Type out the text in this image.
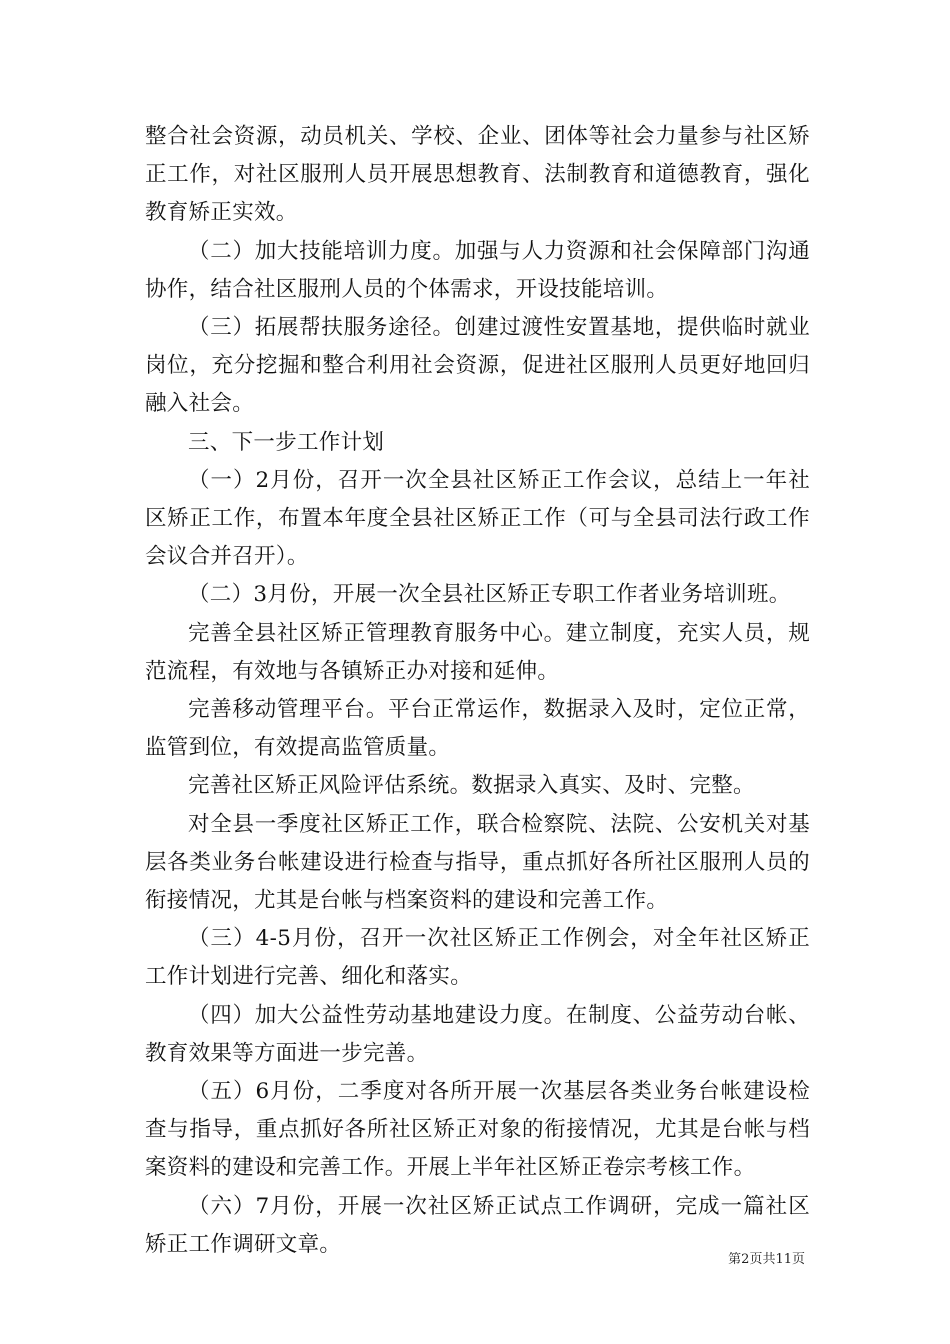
整合社会资源，动员机关、学校、企业、团体等社会力量参与社区矫正工作，对社区服刑人员开展思想教育、法制教育和道德教育，强化教育矫正实效。

（二）加大技能培训力度。加强与人力资源和社会保障部门沟通协作，结合社区服刑人员的个体需求，开设技能培训。

（三）拓展帮扶服务途径。创建过渡性安置基地，提供临时就业岗位，充分挖掘和整合利用社会资源，促进社区服刑人员更好地回归融入社会。

三、下一步工作计划

（一）2月份，召开一次全县社区矫正工作会议，总结上一年社区矫正工作，布置本年度全县社区矫正工作（可与全县司法行政工作会议合并召开）。

（二）3月份，开展一次全县社区矫正专职工作者业务培训班。

完善全县社区矫正管理教育服务中心。建立制度，充实人员，规范流程，有效地与各镇矫正办对接和延伸。

完善移动管理平台。平台正常运作，数据录入及时，定位正常，监管到位，有效提高监管质量。

完善社区矫正风险评估系统。数据录入真实、及时、完整。

对全县一季度社区矫正工作，联合检察院、法院、公安机关对基层各类业务台帐建设进行检查与指导，重点抓好各所社区服刑人员的衔接情况，尤其是台帐与档案资料的建设和完善工作。

（三）4-5月份，召开一次社区矫正工作例会，对全年社区矫正工作计划进行完善、细化和落实。

（四）加大公益性劳动基地建设力度。在制度、公益劳动台帐、教育效果等方面进一步完善。

（五）6月份，二季度对各所开展一次基层各类业务台帐建设检查与指导，重点抓好各所社区矫正对象的衔接情况，尤其是台帐与档案资料的建设和完善工作。开展上半年社区矫正卷宗考核工作。

（六）7月份，开展一次社区矫正试点工作调研，完成一篇社区矫正工作调研文章。

第2页共11页
